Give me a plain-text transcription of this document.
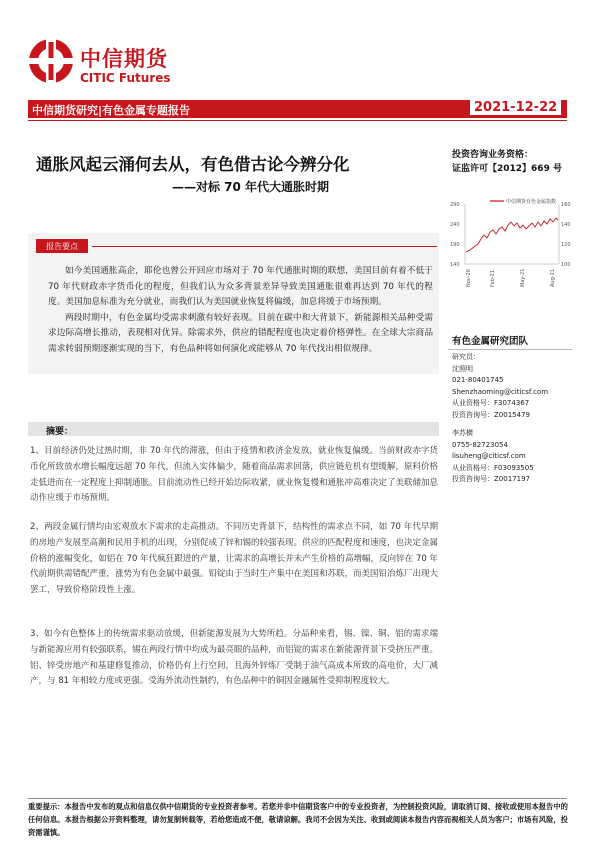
中信期货
CITIC Futures
中信期货研究|有色金属专题报告	2021-12-22
通胀风起云涌何去从，有色借古论今辨分化
——对标 70 年代大通胀时期
投资咨询业务资格：
证监许可【2012】669 号
中信期货有色金属指数
290
240
190
140
160
140
120
100
Nov-20	Feb-21	May-21	Aug-21
报告要点

如今美国通胀高企，耶伦也曾公开回应市场对于 70 年代通胀时期的联想，美国目前有着不低于 70 年代财政赤字货币化的程度，但我们认为众多背景差异导致美国通胀很难再达到 70 年代的程度。美国加息标准为充分就业，而我们认为美国就业恢复将偏缓，加息将缓于市场预期。

两段时期中，有色金属均受需求刺激有较好表现。目前在碳中和大背景下，新能源相关品种受需求边际高增长推动，表现相对优异。除需求外，供应的错配程度也决定着价格弹性。在全球大宗商品需求转弱预期逐渐实现的当下，有色品种将如何演化或能够从 70 年代找出相似规律。

有色金属研究团队
研究员：
沈照明
021-80401745
Shenzhaoming@citicsf.com
从业资格号：F3074367
投资咨询号：Z0015479
李苏横
0755-82723054
lisuheng@citicsf.com
从业资格号：F03093505
投资咨询号：Z0017197
摘要：

1、目前经济仍处过热时期，非 70 年代的滞涨，但由于疫情和救济金发放，就业恢复偏缓。当前财政赤字货币化所致放水增长幅度远超 70 年代，但流入实体偏少，随着商品需求回落，供应链危机有望缓解，原料价格走低进而在一定程度上抑制通胀。目前流动性已经开始边际收紧，就业恢复慢和通胀冲高难决定了美联储加息动作应缓于市场预期。

2、两段金属行情均由宏观放水下需求的走高推动。不同历史背景下，结构性的需求点不同，如 70 年代早期的房地产发展至高潮和民用手机的出现，分别促成了锌和锡的较强表现。供应的匹配程度和速度，也决定金属价格的涨幅变化，如铝在 70 年代疯狂跟进的产量，让需求的高增长并未产生价格的高增幅，反向锌在 70 年代前期供需错配严重，涨势为有色金属中最强。铅锭由于当时生产集中在美国和苏联，而美国铅冶炼厂出现大罢工，导致价格阶段性上涨。

3、如今有色整体上的传统需求驱动放缓，但新能源发展为大势所趋。分品种来看，锡、镍、铜、铝的需求端与新能源应用有较强联系，锡在两段行情中均成为最亮眼的品种，而铝锭的需求在新能源背景下受挤压严重。铝、锌受房地产和基建修复推动，价格仍有上行空间，且海外锌炼厂受制于油气高成本所致的高电价，大厂减产，与 81 年相较力度或更强。受海外流动性制约，有色品种中的铜因金融属性受抑制程度较大。

重要提示：本报告中发布的观点和信息仅供中信期货的专业投资者参考。若您并非中信期货客户中的专业投资者，为控制投资风险，请取消订阅、接收或使用本报告中的任何信息。本报告根据公开资料整理，请勿复制转载等，若给您造成不便，敬请谅解。我司不会因为关注、收到或阅读本报告内容而视相关人员为客户；市场有风险，投资需谨慎。
